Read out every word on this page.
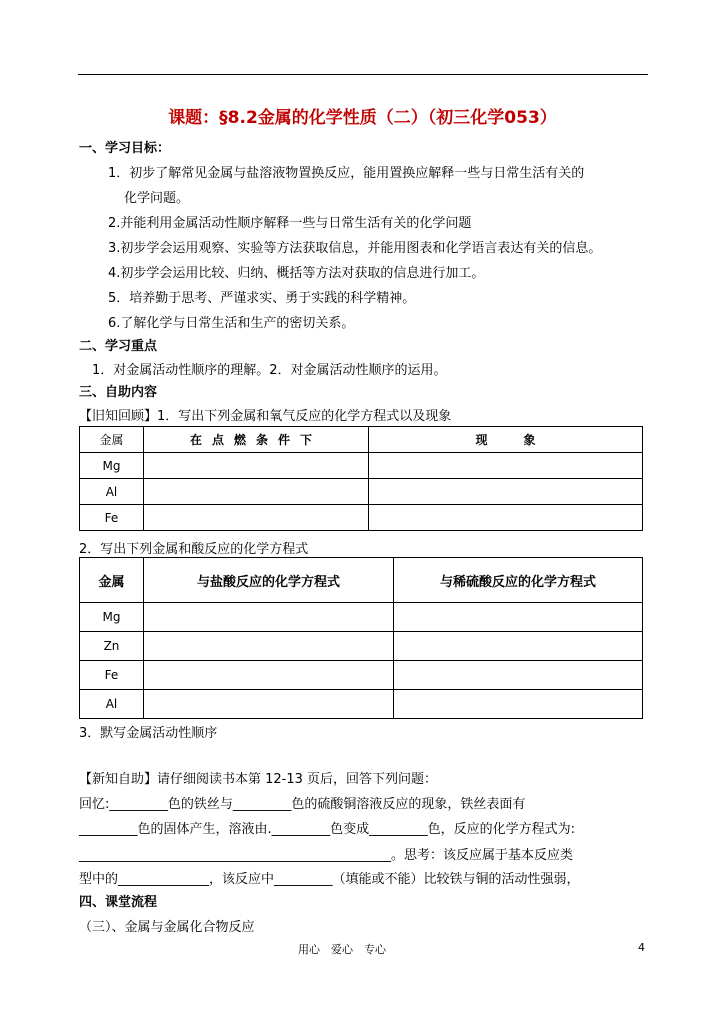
课题：§8.2金属的化学性质（二）（初三化学053）
一、学习目标：
1．初步了解常见金属与盐溶液物置换反应，能用置换应解释一些与日常生活有关的
化学问题。
2.并能利用金属活动性顺序解释一些与日常生活有关的化学问题
3.初步学会运用观察、实验等方法获取信息，并能用图表和化学语言表达有关的信息。
4.初步学会运用比较、归纳、概括等方法对获取的信息进行加工。
5．培养勤于思考、严谨求实、勇于实践的科学精神。
6.了解化学与日常生活和生产的密切关系。
二、学习重点
1．对金属活动性顺序的理解。2．对金属活动性顺序的运用。
三、自助内容
【旧知回顾】1．写出下列金属和氧气反应的化学方程式以及现象
金属	在点燃条件下	现　　　象
Mg		
Al		
Fe		
2．写出下列金属和酸反应的化学方程式
金属	与盐酸反应的化学方程式	与稀硫酸反应的化学方程式
Mg		
Zn		
Fe		
Al		
3．默写金属活动性顺序
【新知自助】请仔细阅读书本第 12-13 页后，回答下列问题：
回忆:_________色的铁丝与_________色的硫酸铜溶液反应的现象，铁丝表面有
_________色的固体产生，溶液由._________色变成_________色，反应的化学方程式为:
________________________________________________。思考：该反应属于基本反应类
型中的______________，该反应中_________（填能或不能）比较铁与铜的活动性强弱，
四、课堂流程
（三）、金属与金属化合物反应
用心　爱心　专心	4
